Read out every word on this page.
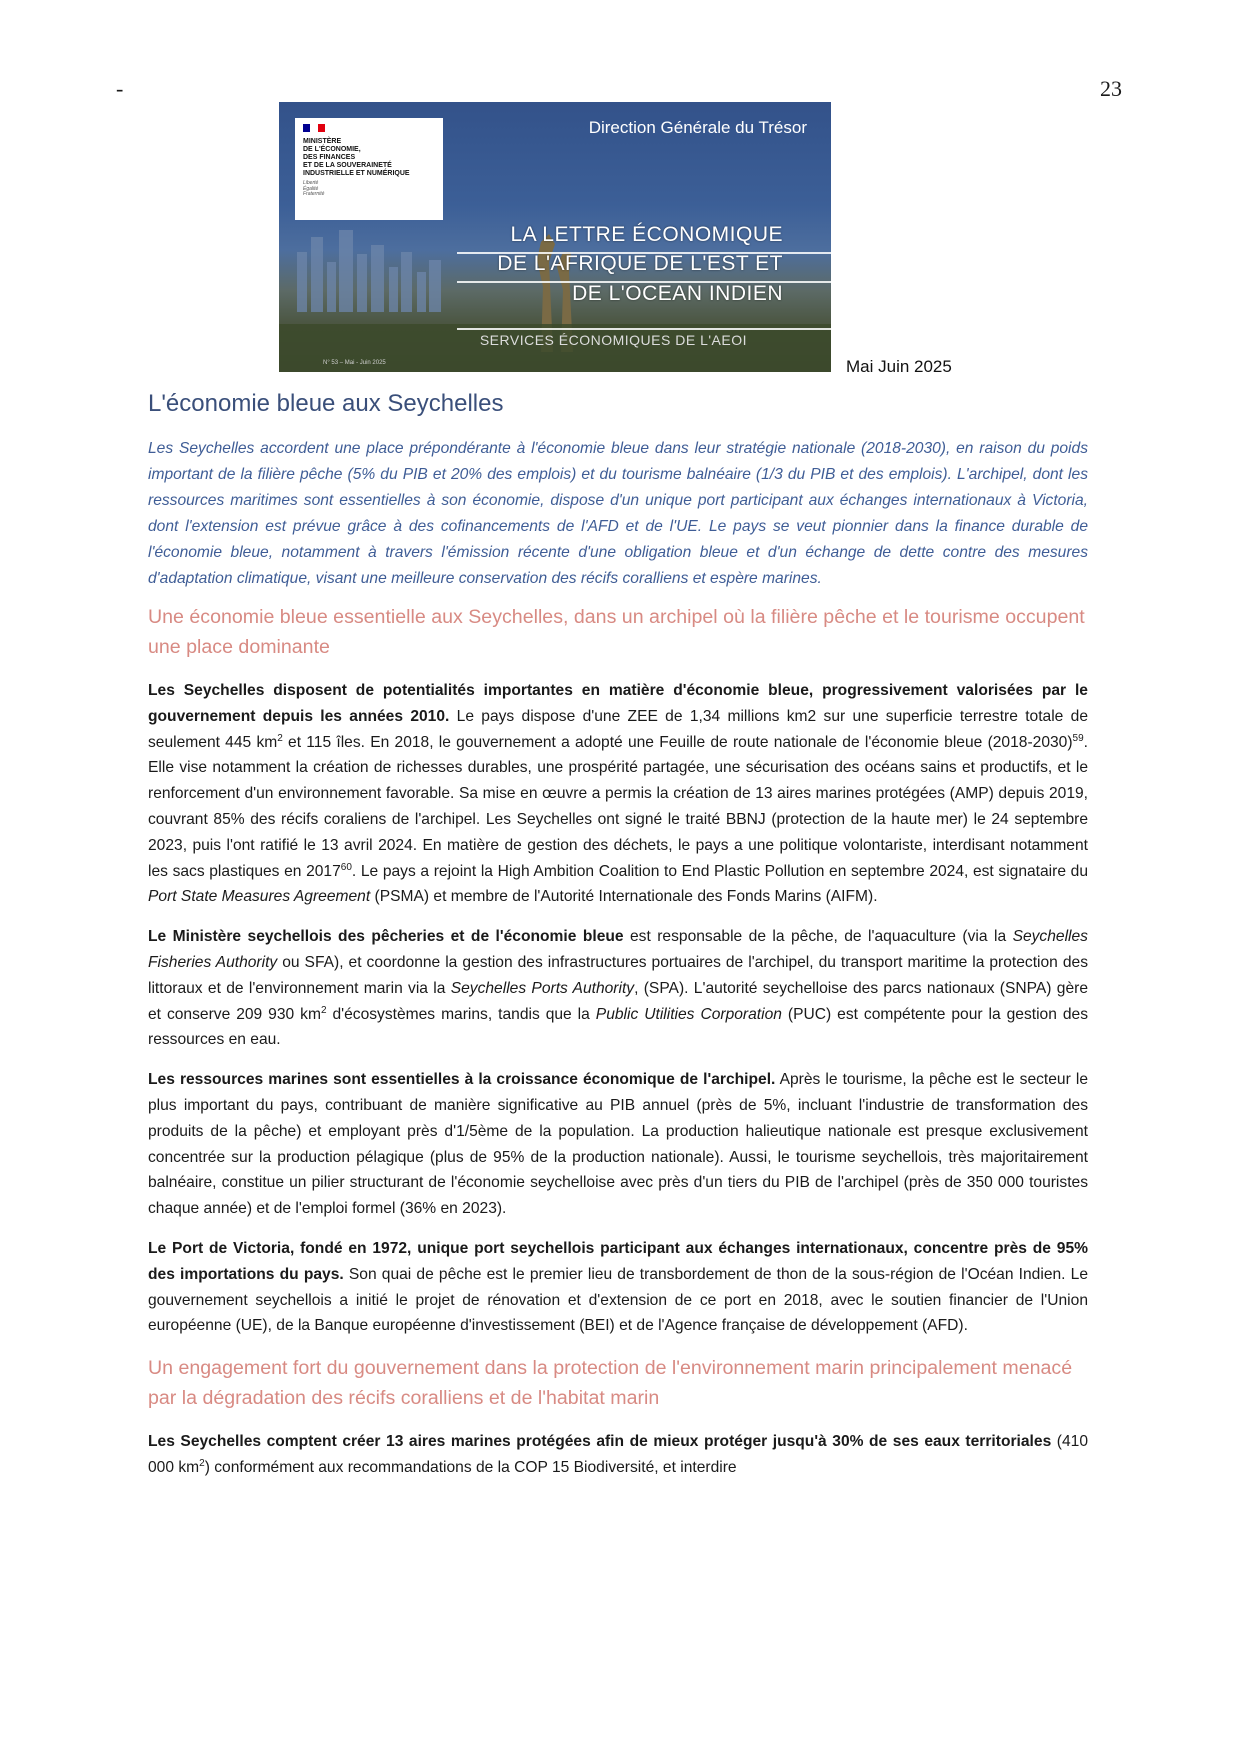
-	23
MINISTÈRE
DE L'ÉCONOMIE,
DES FINANCES
ET DE LA SOUVERAINETÉ
INDUSTRIELLE ET NUMÉRIQUE
Liberté
Égalité
Fraternité
Direction Générale du Trésor
LA LETTRE ÉCONOMIQUE
DE L'AFRIQUE DE L'EST ET
DE L'OCEAN INDIEN
SERVICES ÉCONOMIQUES DE L'AEOI
N° 53 – Mai - Juin 2025	Mai Juin 2025
L'économie bleue aux Seychelles

Les Seychelles accordent une place prépondérante à l'économie bleue dans leur stratégie nationale (2018-2030), en raison du poids important de la filière pêche (5% du PIB et 20% des emplois) et du tourisme balnéaire (1/3 du PIB et des emplois). L'archipel, dont les ressources maritimes sont essentielles à son économie, dispose d'un unique port participant aux échanges internationaux à Victoria, dont l'extension est prévue grâce à des cofinancements de l'AFD et de l'UE. Le pays se veut pionnier dans la finance durable de l'économie bleue, notamment à travers l'émission récente d'une obligation bleue et d'un échange de dette contre des mesures d'adaptation climatique, visant une meilleure conservation des récifs coralliens et espère marines.

Une économie bleue essentielle aux Seychelles, dans un archipel où la filière pêche et le tourisme occupent une place dominante

Les Seychelles disposent de potentialités importantes en matière d'économie bleue, progressivement valorisées par le gouvernement depuis les années 2010. Le pays dispose d'une ZEE de 1,34 millions km2 sur une superficie terrestre totale de seulement 445 $km^2$ et 115 îles. En 2018, le gouvernement a adopté une Feuille de route nationale de l'économie bleue (2018-2030)$^{59}$. Elle vise notamment la création de richesses durables, une prospérité partagée, une sécurisation des océans sains et productifs, et le renforcement d'un environnement favorable. Sa mise en œuvre a permis la création de 13 aires marines protégées (AMP) depuis 2019, couvrant 85% des récifs coraliens de l'archipel. Les Seychelles ont signé le traité BBNJ (protection de la haute mer) le 24 septembre 2023, puis l'ont ratifié le 13 avril 2024. En matière de gestion des déchets, le pays a une politique volontariste, interdisant notamment les sacs plastiques en 2017$^{60}$. Le pays a rejoint la High Ambition Coalition to End Plastic Pollution en septembre 2024, est signataire du Port State Measures Agreement (PSMA) et membre de l'Autorité Internationale des Fonds Marins (AIFM).

Le Ministère seychellois des pêcheries et de l'économie bleue est responsable de la pêche, de l'aquaculture (via la Seychelles Fisheries Authority ou SFA), et coordonne la gestion des infrastructures portuaires de l'archipel, du transport maritime la protection des littoraux et de l'environnement marin via la Seychelles Ports Authority, (SPA). L'autorité seychelloise des parcs nationaux (SNPA) gère et conserve 209 930 $km^2$ d'écosystèmes marins, tandis que la Public Utilities Corporation (PUC) est compétente pour la gestion des ressources en eau.

Les ressources marines sont essentielles à la croissance économique de l'archipel. Après le tourisme, la pêche est le secteur le plus important du pays, contribuant de manière significative au PIB annuel (près de 5%, incluant l'industrie de transformation des produits de la pêche) et employant près d'1/5ème de la population. La production halieutique nationale est presque exclusivement concentrée sur la production pélagique (plus de 95% de la production nationale). Aussi, le tourisme seychellois, très majoritairement balnéaire, constitue un pilier structurant de l'économie seychelloise avec près d'un tiers du PIB de l'archipel (près de 350 000 touristes chaque année) et de l'emploi formel (36% en 2023).

Le Port de Victoria, fondé en 1972, unique port seychellois participant aux échanges internationaux, concentre près de 95% des importations du pays. Son quai de pêche est le premier lieu de transbordement de thon de la sous-région de l'Océan Indien. Le gouvernement seychellois a initié le projet de rénovation et d'extension de ce port en 2018, avec le soutien financier de l'Union européenne (UE), de la Banque européenne d'investissement (BEI) et de l'Agence française de développement (AFD).

Un engagement fort du gouvernement dans la protection de l'environnement marin principalement menacé par la dégradation des récifs coralliens et de l'habitat marin

Les Seychelles comptent créer 13 aires marines protégées afin de mieux protéger jusqu'à 30% de ses eaux territoriales (410 000 $km^2$) conformément aux recommandations de la COP 15 Biodiversité, et interdire
